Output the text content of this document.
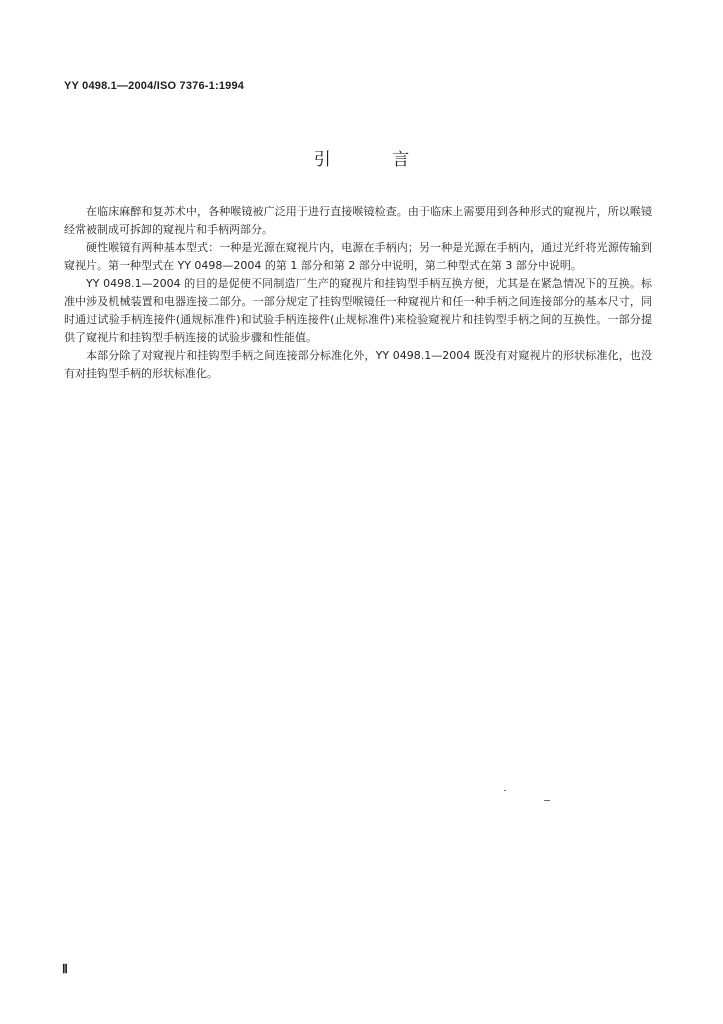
YY 0498.1—2004/ISO 7376-1:1994
引 言

在临床麻醉和复苏术中，各种喉镜被广泛用于进行直接喉镜检查。由于临床上需要用到各种形式的窥视片，所以喉镜经常被制成可拆卸的窥视片和手柄两部分。

硬性喉镜有两种基本型式：一种是光源在窥视片内，电源在手柄内；另一种是光源在手柄内，通过光纤将光源传输到窥视片。第一种型式在 YY 0498—2004 的第 1 部分和第 2 部分中说明，第二种型式在第 3 部分中说明。

YY 0498.1—2004 的目的是促使不同制造厂生产的窥视片和挂钩型手柄互换方便，尤其是在紧急情况下的互换。标准中涉及机械装置和电器连接二部分。一部分规定了挂钩型喉镜任一种窥视片和任一种手柄之间连接部分的基本尺寸，同时通过试验手柄连接件(通规标准件)和试验手柄连接件(止规标准件)来检验窥视片和挂钩型手柄之间的互换性。一部分提供了窥视片和挂钩型手柄连接的试验步骤和性能值。

本部分除了对窥视片和挂钩型手柄之间连接部分标准化外，YY 0498.1—2004 既没有对窥视片的形状标准化，也没有对挂钩型手柄的形状标准化。

Ⅱ
